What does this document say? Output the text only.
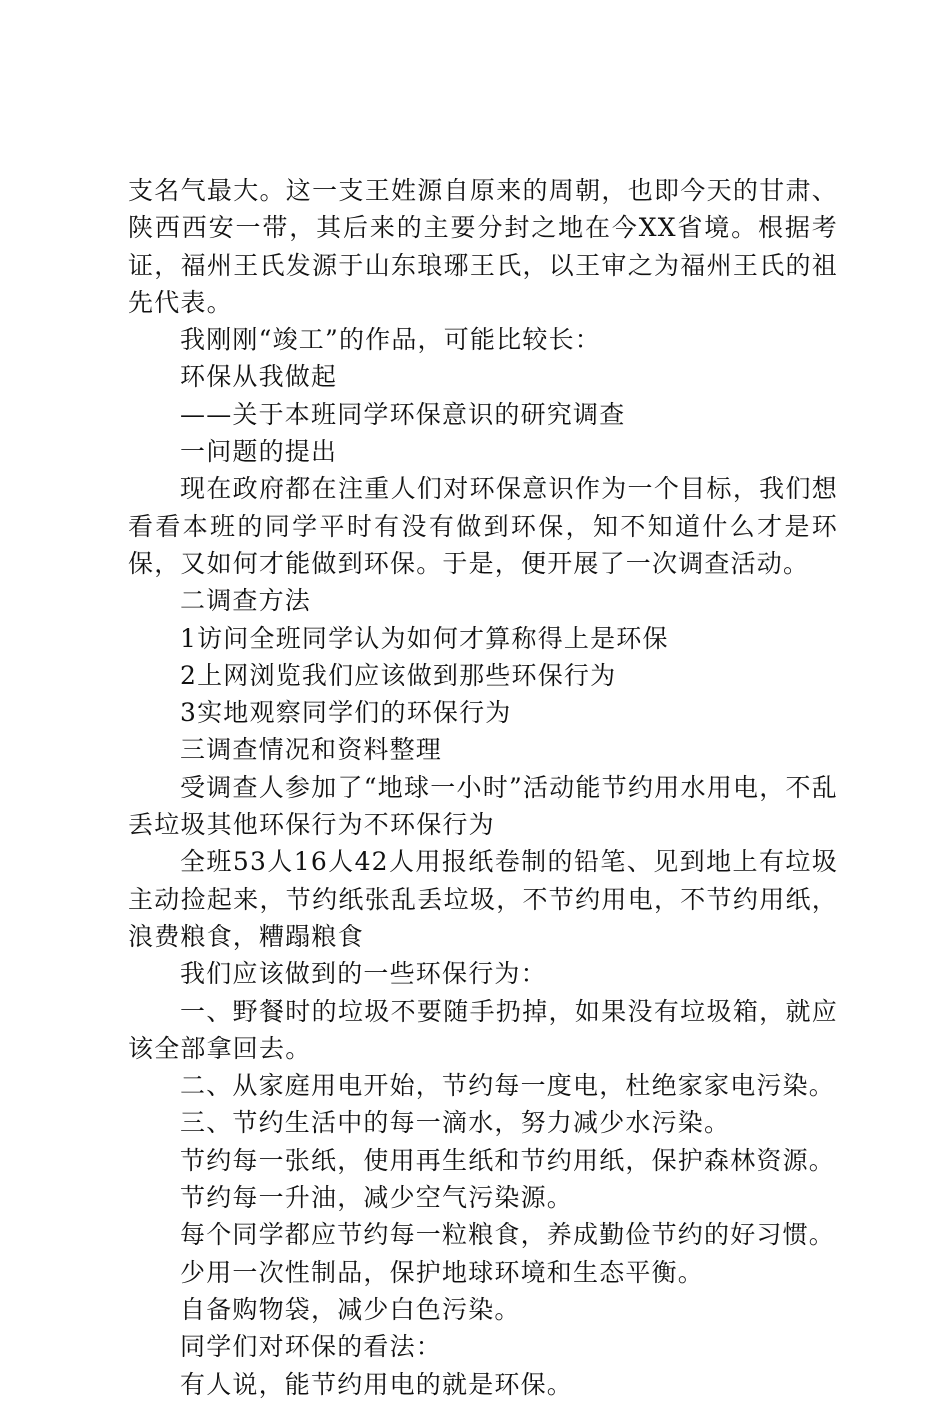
支名气最大。这一支王姓源自原来的周朝，也即今天的甘肃、陕西西安一带，其后来的主要分封之地在今XX省境。根据考证，福州王氏发源于山东琅琊王氏，以王审之为福州王氏的祖先代表。

我刚刚“竣工”的作品，可能比较长：

环保从我做起

——关于本班同学环保意识的研究调查

一问题的提出

现在政府都在注重人们对环保意识作为一个目标，我们想看看本班的同学平时有没有做到环保，知不知道什么才是环保，又如何才能做到环保。于是，便开展了一次调查活动。

二调查方法

1访问全班同学认为如何才算称得上是环保

2上网浏览我们应该做到那些环保行为

3实地观察同学们的环保行为

三调查情况和资料整理

受调查人参加了“地球一小时”活动能节约用水用电，不乱丢垃圾其他环保行为不环保行为

全班53人16人42人用报纸卷制的铅笔、见到地上有垃圾主动捡起来，节约纸张乱丢垃圾，不节约用电，不节约用纸，浪费粮食，糟蹋粮食

我们应该做到的一些环保行为：

一、野餐时的垃圾不要随手扔掉，如果没有垃圾箱，就应该全部拿回去。

二、从家庭用电开始，节约每一度电，杜绝家家电污染。

三、节约生活中的每一滴水，努力减少水污染。

节约每一张纸，使用再生纸和节约用纸，保护森林资源。

节约每一升油，减少空气污染源。

每个同学都应节约每一粒粮食，养成勤俭节约的好习惯。

少用一次性制品，保护地球环境和生态平衡。

自备购物袋，减少白色污染。

同学们对环保的看法：

有人说，能节约用电的就是环保。
